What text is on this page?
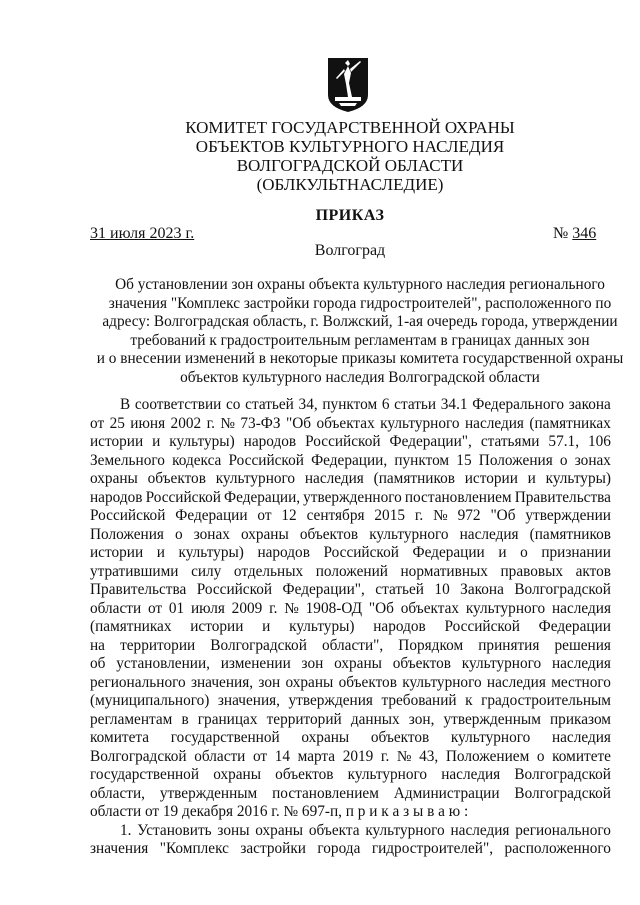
КОМИТЕТ ГОСУДАРСТВЕННОЙ ОХРАНЫ
ОБЪЕКТОВ КУЛЬТУРНОГО НАСЛЕДИЯ
ВОЛГОГРАДСКОЙ ОБЛАСТИ
(ОБЛКУЛЬТНАСЛЕДИЕ)
ПРИКАЗ
31 июля 2023 г.	№ 346
Волгоград
Об установлении зон охраны объекта культурного наследия регионального
значения "Комплекс застройки города гидростроителей", расположенного по
адресу: Волгоградская область, г. Волжский, 1-ая очередь города, утверждении
требований к градостроительным регламентам в границах данных зон
и о внесении изменений в некоторые приказы комитета государственной охраны
объектов культурного наследия Волгоградской области
В соответствии со статьей 34, пунктом 6 статьи 34.1 Федерального закона
от 25 июня 2002 г. № 73-ФЗ "Об объектах культурного наследия (памятниках
истории и культуры) народов Российской Федерации", статьями 57.1, 106
Земельного кодекса Российской Федерации, пунктом 15 Положения о зонах
охраны объектов культурного наследия (памятников истории и культуры)
народов Российской Федерации, утвержденного постановлением Правительства
Российской Федерации от 12 сентября 2015 г. № 972 "Об утверждении
Положения о зонах охраны объектов культурного наследия (памятников
истории и культуры) народов Российской Федерации и о признании
утратившими силу отдельных положений нормативных правовых актов
Правительства Российской Федерации", статьей 10 Закона Волгоградской
области от 01 июля 2009 г. № 1908-ОД "Об объектах культурного наследия
(памятниках истории и культуры) народов Российской Федерации
на территории Волгоградской области", Порядком принятия решения
об установлении, изменении зон охраны объектов культурного наследия
регионального значения, зон охраны объектов культурного наследия местного
(муниципального) значения, утверждения требований к градостроительным
регламентам в границах территорий данных зон, утвержденным приказом
комитета государственной охраны объектов культурного наследия
Волгоградской области от 14 марта 2019 г. № 43, Положением о комитете
государственной охраны объектов культурного наследия Волгоградской
области, утвержденным постановлением Администрации Волгоградской
области от 19 декабря 2016 г. № 697-п, п р и к а з ы в а ю :
1. Установить зоны охраны объекта культурного наследия регионального
значения "Комплекс застройки города гидростроителей", расположенного
